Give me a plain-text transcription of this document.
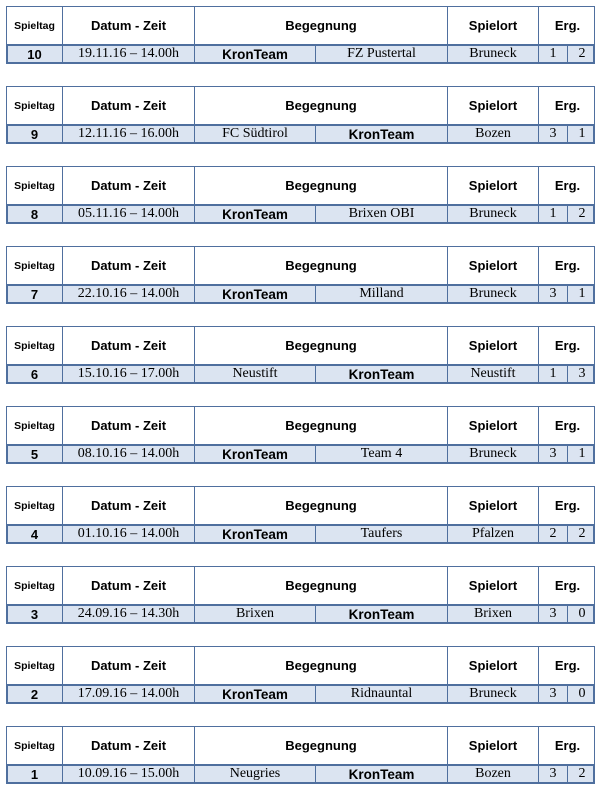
Spieltag	Datum - Zeit	Begegnung	Spielort	Erg.
10	19.11.16 – 14.00h	KronTeam	FZ Pustertal	Bruneck	1	2
Spieltag	Datum - Zeit	Begegnung	Spielort	Erg.
9	12.11.16 – 16.00h	FC Südtirol	KronTeam	Bozen	3	1
Spieltag	Datum - Zeit	Begegnung	Spielort	Erg.
8	05.11.16 – 14.00h	KronTeam	Brixen OBI	Bruneck	1	2
Spieltag	Datum - Zeit	Begegnung	Spielort	Erg.
7	22.10.16 – 14.00h	KronTeam	Milland	Bruneck	3	1
Spieltag	Datum - Zeit	Begegnung	Spielort	Erg.
6	15.10.16 – 17.00h	Neustift	KronTeam	Neustift	1	3
Spieltag	Datum - Zeit	Begegnung	Spielort	Erg.
5	08.10.16 – 14.00h	KronTeam	Team 4	Bruneck	3	1
Spieltag	Datum - Zeit	Begegnung	Spielort	Erg.
4	01.10.16 – 14.00h	KronTeam	Taufers	Pfalzen	2	2
Spieltag	Datum - Zeit	Begegnung	Spielort	Erg.
3	24.09.16 – 14.30h	Brixen	KronTeam	Brixen	3	0
Spieltag	Datum - Zeit	Begegnung	Spielort	Erg.
2	17.09.16 – 14.00h	KronTeam	Ridnauntal	Bruneck	3	0
Spieltag	Datum - Zeit	Begegnung	Spielort	Erg.
1	10.09.16 – 15.00h	Neugries	KronTeam	Bozen	3	2
